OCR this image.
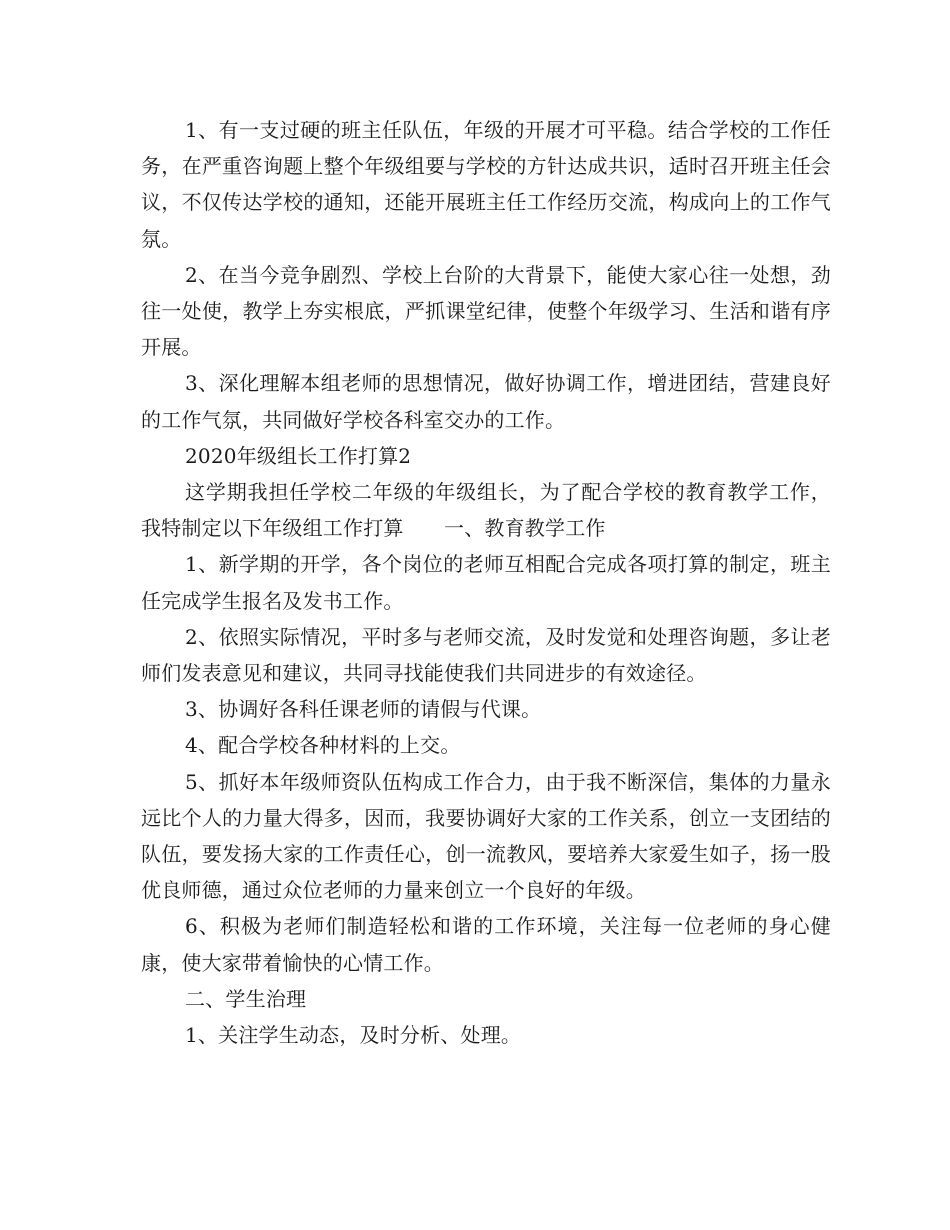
1、有一支过硬的班主任队伍，年级的开展才可平稳。结合学校的工作任务，在严重咨询题上整个年级组要与学校的方针达成共识，适时召开班主任会议，不仅传达学校的通知，还能开展班主任工作经历交流，构成向上的工作气氛。

2、在当今竞争剧烈、学校上台阶的大背景下，能使大家心往一处想，劲往一处使，教学上夯实根底，严抓课堂纪律，使整个年级学习、生活和谐有序开展。

3、深化理解本组老师的思想情况，做好协调工作，增进团结，营建良好的工作气氛，共同做好学校各科室交办的工作。

2020年级组长工作打算2

这学期我担任学校二年级的年级组长，为了配合学校的教育教学工作，我特制定以下年级组工作打算　　一、教育教学工作

1、新学期的开学，各个岗位的老师互相配合完成各项打算的制定，班主任完成学生报名及发书工作。

2、依照实际情况，平时多与老师交流，及时发觉和处理咨询题，多让老师们发表意见和建议，共同寻找能使我们共同进步的有效途径。

3、协调好各科任课老师的请假与代课。

4、配合学校各种材料的上交。

5、抓好本年级师资队伍构成工作合力，由于我不断深信，集体的力量永远比个人的力量大得多，因而，我要协调好大家的工作关系，创立一支团结的队伍，要发扬大家的工作责任心，创一流教风，要培养大家爱生如子，扬一股优良师德，通过众位老师的力量来创立一个良好的年级。

6、积极为老师们制造轻松和谐的工作环境，关注每一位老师的身心健康，使大家带着愉快的心情工作。

二、学生治理

1、关注学生动态，及时分析、处理。
